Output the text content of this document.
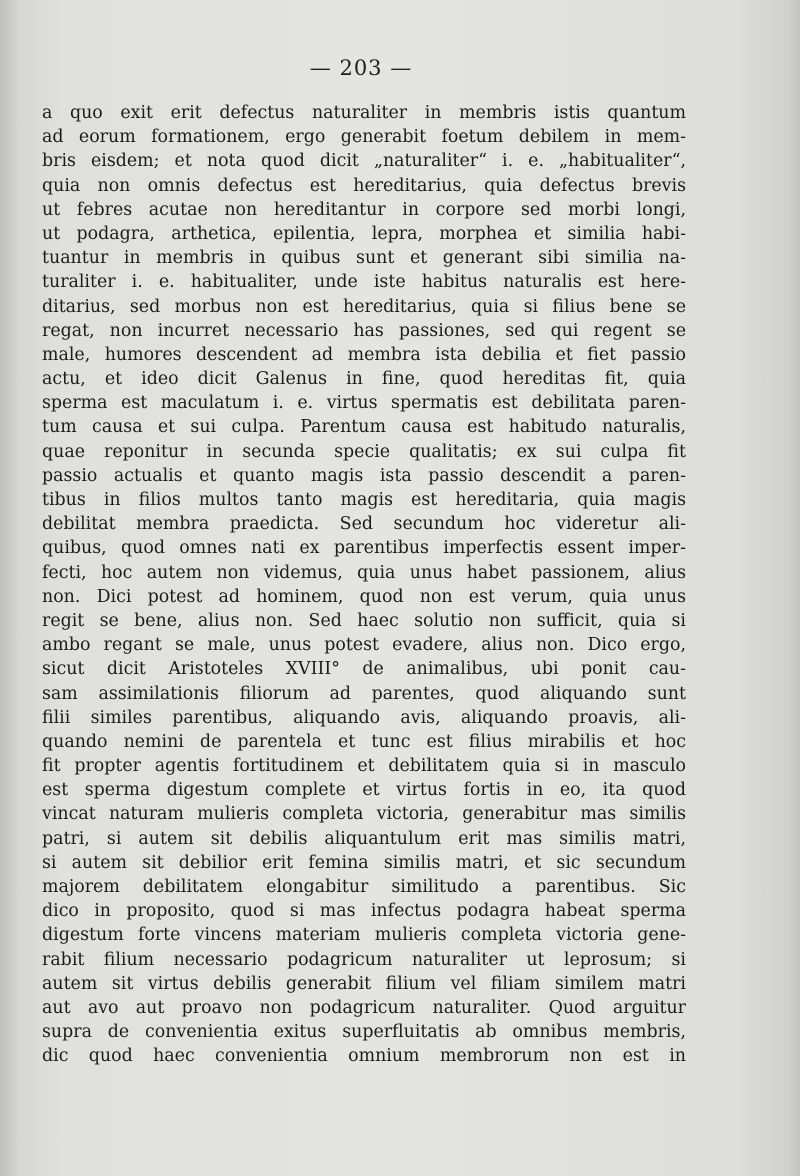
— 203 —
a quo exit erit defectus naturaliter in membris istis quantum
ad eorum formationem, ergo generabit foetum debilem in mem-
bris eisdem; et nota quod dicit „naturaliter“ i. e. „habitualiter“,
quia non omnis defectus est hereditarius, quia defectus brevis
ut febres acutae non hereditantur in corpore sed morbi longi,
ut podagra, arthetica, epilentia, lepra, morphea et similia habi-
tuantur in membris in quibus sunt et generant sibi similia na-
turaliter i. e. habitualiter, unde iste habitus naturalis est here-
ditarius, sed morbus non est hereditarius, quia si filius bene se
regat, non incurret necessario has passiones, sed qui regent se
male, humores descendent ad membra ista debilia et fiet passio
actu, et ideo dicit Galenus in fine, quod hereditas fit, quia
sperma est maculatum i. e. virtus spermatis est debilitata paren-
tum causa et sui culpa. Parentum causa est habitudo naturalis,
quae reponitur in secunda specie qualitatis; ex sui culpa fit
passio actualis et quanto magis ista passio descendit a paren-
tibus in filios multos tanto magis est hereditaria, quia magis
debilitat membra praedicta. Sed secundum hoc videretur ali-
quibus, quod omnes nati ex parentibus imperfectis essent imper-
fecti, hoc autem non videmus, quia unus habet passionem, alius
non. Dici potest ad hominem, quod non est verum, quia unus
regit se bene, alius non. Sed haec solutio non sufficit, quia si
ambo regant se male, unus potest evadere, alius non. Dico ergo,
sicut dicit Aristoteles XVIII° de animalibus, ubi ponit cau-
sam assimilationis filiorum ad parentes, quod aliquando sunt
filii similes parentibus, aliquando avis, aliquando proavis, ali-
quando nemini de parentela et tunc est filius mirabilis et hoc
fit propter agentis fortitudinem et debilitatem quia si in masculo
est sperma digestum complete et virtus fortis in eo, ita quod
vincat naturam mulieris completa victoria, generabitur mas similis
patri, si autem sit debilis aliquantulum erit mas similis matri,
si autem sit debilior erit femina similis matri, et sic secundum
majorem debilitatem elongabitur similitudo a parentibus. Sic
dico in proposito, quod si mas infectus podagra habeat sperma
digestum forte vincens materiam mulieris completa victoria gene-
rabit filium necessario podagricum naturaliter ut leprosum; si
autem sit virtus debilis generabit filium vel filiam similem matri
aut avo aut proavo non podagricum naturaliter. Quod arguitur
supra de convenientia exitus superfluitatis ab omnibus membris,
dic quod haec convenientia omnium membrorum non est in
